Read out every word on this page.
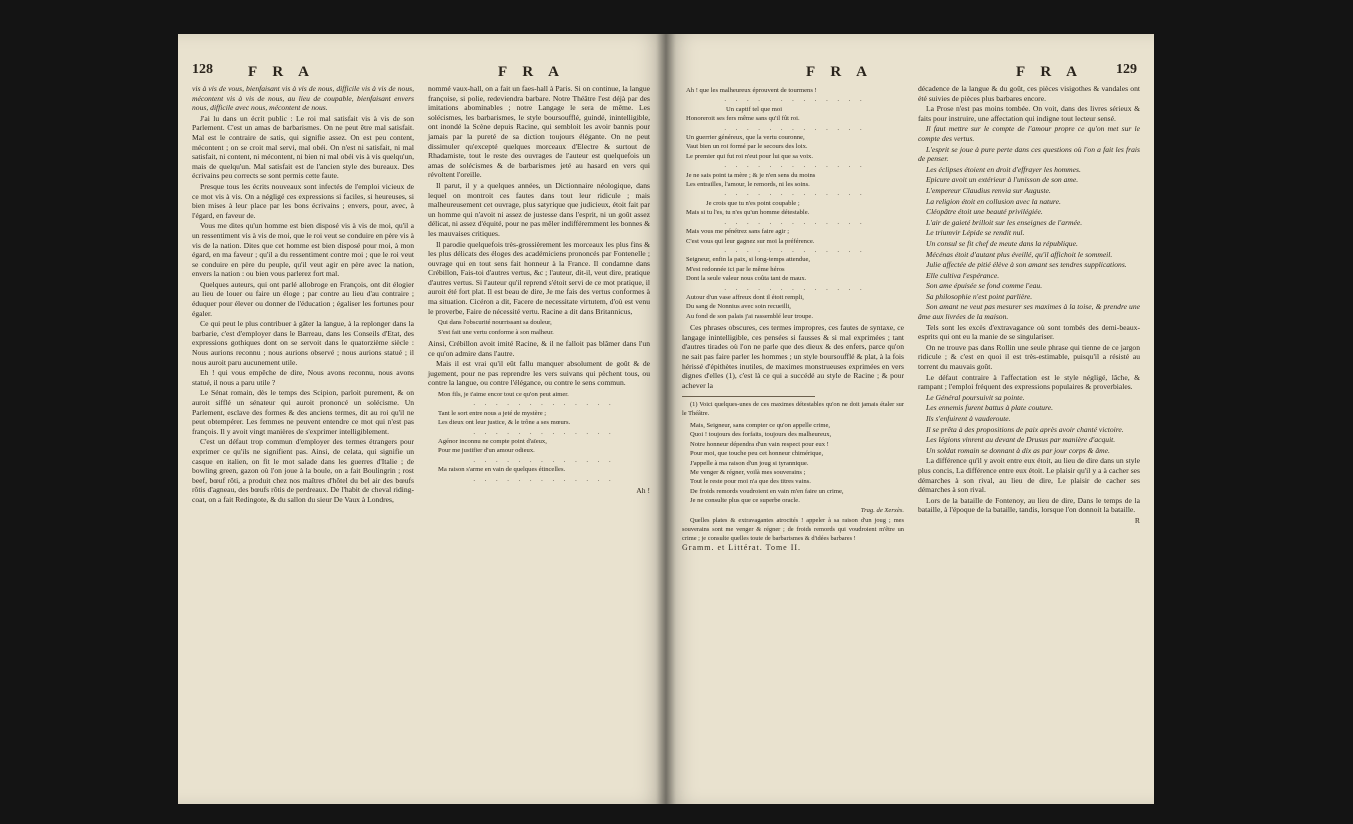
128 F R A	F R A

vis à vis de vous, bienfaisant vis à vis de nous, difficile vis à vis de nous, mécontent vis à vis de nous, au lieu de coupable, bienfaisant envers nous, difficile avec nous, mécontent de nous.

J'ai lu dans un écrit public : Le roi mal satisfait vis à vis de son Parlement. C'est un amas de barbarismes. On ne peut être mal satisfait. Mal est le contraire de satis, qui signifie assez. On est peu content, mécontent ; on se croit mal servi, mal obéi. On n'est ni satisfait, ni mal satisfait, ni content, ni mécontent, ni bien ni mal obéi vis à vis quelqu'un, mais de quelqu'un. Mal satisfait est de l'ancien style des bureaux. Des écrivains peu corrects se sont permis cette faute.

Presque tous les écrits nouveaux sont infectés de l'emploi vicieux de ce mot vis à vis. On a négligé ces expressions si faciles, si heureuses, si bien mises à leur place par les bons écrivains ; envers, pour, avec, à l'égard, en faveur de.

Vous me dites qu'un homme est bien disposé vis à vis de moi, qu'il a un ressentiment vis à vis de moi, que le roi veut se conduire en père vis à vis de la nation. Dites que cet homme est bien disposé pour moi, à mon égard, en ma faveur ; qu'il a du ressentiment contre moi ; que le roi veut se conduire en père du peuple, qu'il veut agir en père avec la nation, envers la nation : ou bien vous parlerez fort mal.

Quelques auteurs, qui ont parlé allobroge en François, ont dit élogier au lieu de louer ou faire un éloge ; par contre au lieu d'au contraire ; éduquer pour élever ou donner de l'éducation ; égaliser les fortunes pour égaler.

Ce qui peut le plus contribuer à gâter la langue, à la replonger dans la barbarie, c'est d'employer dans le Barreau, dans les Conseils d'Etat, des expressions gothiques dont on se servoit dans le quatorzième siècle : Nous aurions reconnu ; nous aurions observé ; nous aurions statué ; il nous auroit paru aucunement utile.

Eh ! qui vous empêche de dire, Nous avons reconnu, nous avons statué, il nous a paru utile ?

Le Sénat romain, dès le temps des Scipion, parloit purement, & on auroit sifflé un sénateur qui auroit prononcé un solécisme. Un Parlement, esclave des formes & des anciens termes, dit au roi qu'il ne peut obtempérer. Les femmes ne peuvent entendre ce mot qui n'est pas françois. Il y avoit vingt manières de s'exprimer intelligiblement.

C'est un défaut trop commun d'employer des termes étrangers pour exprimer ce qu'ils ne signifient pas. Ainsi, de celata, qui signifie un casque en italien, on fit le mot salade dans les guerres d'Italie ; de bowling green, gazon où l'on joue à la boule, on a fait Boulingrin ; rost beef, bœuf rôti, a produit chez nos maîtres d'hôtel du bel air des bœufs rôtis d'agneau, des bœufs rôtis de perdreaux. De l'habit de cheval riding-coat, on a fait Redingote, & du sallon du sieur De Vaux à Londres,

nommé vaux-hall, on a fait un faes-hall à Paris. Si on continue, la langue françoise, si polie, redeviendra barbare. Notre Théâtre l'est déjà par des imitations abominables ; notre Langage le sera de même. Les solécismes, les barbarismes, le style boursoufflé, guindé, inintelligible, ont inondé la Scène depuis Racine, qui sembloit les avoir bannis pour jamais par la pureté de sa diction toujours élégante. On ne peut dissimuler qu'excepté quelques morceaux d'Electre & surtout de Rhadamiste, tout le reste des ouvrages de l'auteur est quelquefois un amas de solécismes & de barbarismes jeté au hasard en vers qui révoltent l'oreille.

Il parut, il y a quelques années, un Dictionnaire néologique, dans lequel on montroit ces fautes dans tout leur ridicule ; mais malheureusement cet ouvrage, plus satyrique que judicieux, étoit fait par un homme qui n'avoit ni assez de justesse dans l'esprit, ni un goût assez délicat, ni assez d'équité, pour ne pas mêler indifféremment les bonnes & les mauvaises critiques.

Il parodie quelquefois très-grossièrement les morceaux les plus fins & les plus délicats des éloges des académiciens prononcés par Fontenelle ; ouvrage qui en tout sens fait honneur à la France. Il condamne dans Crébillon, Fais-toi d'autres vertus, &c ; l'auteur, dit-il, veut dire, pratique d'autres vertus. Si l'auteur qu'il reprend s'étoit servi de ce mot pratique, il auroit été fort plat. Il est beau de dire, Je me fais des vertus conformes à ma situation. Cicéron a dit, Facere de necessitate virtutem, d'où est venu le proverbe, Faire de nécessité vertu. Racine a dit dans Britannicus,

Qui dans l'obscurité nourrissant sa douleur,
S'est fait une vertu conforme à son malheur.

Ainsi, Crébillon avoit imité Racine, & il ne falloit pas blâmer dans l'un ce qu'on admire dans l'autre.

Mais il est vrai qu'il eût fallu manquer absolument de goût & de jugement, pour ne pas reprendre les vers suivans qui pèchent tous, ou contre la langue, ou contre l'élégance, ou contre le sens commun.

Mon fils, je t'aime encor tout ce qu'on peut aimer.
. . . . . . . . . . . . .
Tant le sort entre nous a jeté de mystère ;
Les dieux ont leur justice, & le trône a ses mœurs.
. . . . . . . . . . . . .
Agénor inconnu ne compte point d'aïeux,
Pour me justifier d'un amour odieux.
. . . . . . . . . . . . .
Ma raison s'arme en vain de quelques étincelles.
. . . . . . . . . . . . .
Ah !
F R A	F R A 129
Ah ! que les malheureux éprouvent de tourmens !
. . . . . . . . . . . . .
Un captif tel que moi
Honoreroit ses fers même sans qu'il fût roi.
. . . . . . . . . . . . .
Un guerrier généreux, que la vertu couronne,
Vaut bien un roi formé par le secours des loix.
Le premier qui fut roi n'eut pour lui que sa voix.
. . . . . . . . . . . . .
Je ne sais point ta mère ; & je n'en sens du moins
Les entrailles, l'amour, le remords, ni les soins.
. . . . . . . . . . . . .
Je crois que tu n'es point coupable ;
Mais si tu l'es, tu n'es qu'un homme détestable.
. . . . . . . . . . . . .
Mais vous me pénétrez sans faire agir ;
C'est vous qui leur gagnez sur moi la préférence.
. . . . . . . . . . . . .
Seigneur, enfin la paix, si long-temps attendue,
M'est redonnée ici par le même héros
Dont la seule valeur nous coûta tant de maux.
. . . . . . . . . . . . .
Autour d'un vase affreux dont il étoit rempli,
Du sang de Nonnius avec soin recueilli,
Au fond de son palais j'ai rassemblé leur troupe.

Ces phrases obscures, ces termes impropres, ces fautes de syntaxe, ce langage inintelligible, ces pensées si fausses & si mal exprimées ; tant d'autres tirades où l'on ne parle que des dieux & des enfers, parce qu'on ne sait pas faire parler les hommes ; un style boursoufflé & plat, à la fois hérissé d'épithètes inutiles, de maximes monstrueuses exprimées en vers dignes d'elles (1), c'est là ce qui a succédé au style de Racine ; & pour achever la

(1) Voici quelques-unes de ces maximes détestables qu'on ne doit jamais étaler sur le Théâtre.

Mais, Seigneur, sans compter ce qu'on appelle crime,
Quoi ! toujours des forfaits, toujours des malheureux,
Notre honneur dépendra d'un vain respect pour eux !
Pour moi, que touche peu cet honneur chimérique,
J'appelle à ma raison d'un joug si tyrannique.
Me venger & régner, voilà mes souverains ;
Tout le reste pour moi n'a que des titres vains.
De froids remords voudroient en vain m'en faire un crime,
Je ne consulte plus que ce superbe oracle.
Trag. de Xerxès.

Quelles plates & extravagantes atrocités ! appeler à sa raison d'un joug ; mes souverains sont me venger & régner ; de froids remords qui voudroient m'être un crime ; je consulte quelles toute de barbarismes & d'idées barbares !

Gramm. et Littérat. Tome II.

décadence de la langue & du goût, ces pièces visigothes & vandales ont été suivies de pièces plus barbares encore.

La Prose n'est pas moins tombée. On voit, dans des livres sérieux & faits pour instruire, une affectation qui indigne tout lecteur sensé.

Il faut mettre sur le compte de l'amour propre ce qu'on met sur le compte des vertus.

L'esprit se joue à pure perte dans ces questions où l'on a fait les frais de penser.

Les éclipses étoient en droit d'effrayer les hommes.

Epicure avoit un extérieur à l'unisson de son ame.

L'empereur Claudius renvia sur Auguste.

La religion étoit en collusion avec la nature.

Cléopâtre étoit une beauté privilégiée.

L'air de gaieté brilloit sur les enseignes de l'armée.

Le triumvir Lépide se rendit nul.

Un consul se fit chef de meute dans la république.

Mécénas étoit d'autant plus éveillé, qu'il affichoit le sommeil.

Julie affectée de pitié élève à son amant ses tendres supplications.

Elle cultiva l'espérance.

Son ame épuisée se fond comme l'eau.

Sa philosophie n'est point parlière.

Son amant ne veut pas mesurer ses maximes à la toise, & prendre une âme aux livrées de la maison.

Tels sont les excès d'extravagance où sont tombés des demi-beaux-esprits qui ont eu la manie de se singulariser.

On ne trouve pas dans Rollin une seule phrase qui tienne de ce jargon ridicule ; & c'est en quoi il est très-estimable, puisqu'il a résisté au torrent du mauvais goût.

Le défaut contraire à l'affectation est le style négligé, lâche, & rampant ; l'emploi fréquent des expressions populaires & proverbiales.

Le Général poursuivit sa pointe.

Les ennemis furent battus à plate couture.

Ils s'enfuirent à vauderoute.

Il se prêta à des propositions de paix après avoir chanté victoire.

Les légions vinrent au devant de Drusus par manière d'acquit.

Un soldat romain se donnant à dix as par jour corps & âme.

La différence qu'il y avoit entre eux étoit, au lieu de dire dans un style plus concis, La différence entre eux étoit. Le plaisir qu'il y a à cacher ses démarches à son rival, au lieu de dire, Le plaisir de cacher ses démarches à son rival.

Lors de la bataille de Fontenoy, au lieu de dire, Dans le temps de la bataille, à l'époque de la bataille, tandis, lorsque l'on donnoit la bataille.

R
